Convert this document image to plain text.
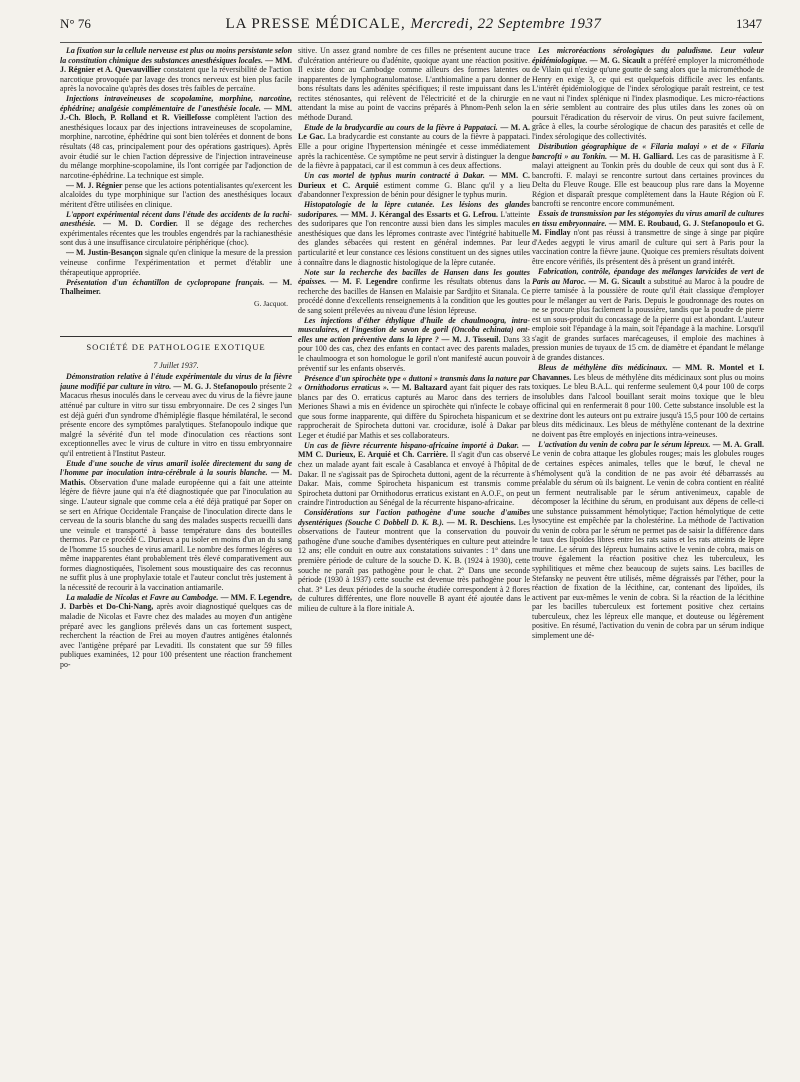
N° 76	LA PRESSE MÉDICALE, Mercredi, 22 Septembre 1937	1347

La fixation sur la cellule nerveuse est plus ou moins persistante selon la constitution chimique des substances anesthésiques locales. — MM. J. Régnier et A. Quevauvillier constatent que la réversibilité de l'action narcotique provoquée par lavage des troncs nerveux est bien plus facile après la novocaïne qu'après des doses très faibles de percaïne.

Injections intraveineuses de scopolamine, morphine, narcotine, éphédrine; analgésie complémentaire de l'anesthésie locale. — MM. J.-Ch. Bloch, P. Rolland et R. Vieillefosse complètent l'action des anesthésiques locaux par des injections intraveineuses de scopolamine, morphine, narcotine, éphédrine qui sont bien tolérées et donnent de bons résultats (48 cas, principalement pour des opérations gastriques). Après avoir étudié sur le chien l'action dépressive de l'injection intraveineuse du mélange morphine-scopolamine, ils l'ont corrigée par l'adjonction de narcotine-éphédrine. La technique est simple.

— M. J. Régnier pense que les actions potentialisantes qu'exercent les alcaloïdes du type morphinique sur l'action des anesthésiques locaux méritent d'être utilisées en clinique.

L'apport expérimental récent dans l'étude des accidents de la rachi-anesthésie. — M. D. Cordier. Il se dégage des recherches expérimentales récentes que les troubles engendrés par la rachianesthésie sont dus à une insuffisance circulatoire périphérique (choc).

— M. Justin-Besançon signale qu'en clinique la mesure de la pression veineuse confirme l'expérimentation et permet d'établir une thérapeutique appropriée.

Présentation d'un échantillon de cyclopropane français. — M. Thalheimer.

G. Jacquot.
SOCIÉTÉ DE PATHOLOGIE EXOTIQUE
7 Juillet 1937.

Démonstration relative à l'étude expérimentale du virus de la fièvre jaune modifié par culture in vitro. — M. G. J. Stefanopoulo présente 2 Macacus rhesus inoculés dans le cerveau avec du virus de la fièvre jaune atténué par culture in vitro sur tissu embryonnaire. De ces 2 singes l'un est déjà guéri d'un syndrome d'hémiplégie flasque hémilatéral, le second présente encore des symptômes paralytiques. Stefanopoulo indique que malgré la sévérité d'un tel mode d'inoculation ces réactions sont exceptionnelles avec le virus de culture in vitro en tissu embryonnaire qu'il entretient à l'Institut Pasteur.

Etude d'une souche de virus amaril isolée directement du sang de l'homme par inoculation intra-cérébrale à la souris blanche. — M. Mathis. Observation d'une malade européenne qui a fait une atteinte légère de fièvre jaune qui n'a été diagnostiquée que par l'inoculation au singe. L'auteur signale que comme cela a été déjà pratiqué par Soper on se sert en Afrique Occidentale Française de l'inoculation directe dans le cerveau de la souris blanche du sang des malades suspects recueilli dans une veinule et transporté à basse température dans des bouteilles thermos. Par ce procédé C. Durieux a pu isoler en moins d'un an du sang de l'homme 15 souches de virus amaril. Le nombre des formes légères ou même inapparentes étant probablement très élevé comparativement aux formes diagnostiquées, l'isolement sous moustiquaire des cas reconnus ne suffit plus à une prophylaxie totale et l'auteur conclut très justement à la nécessité de recourir à la vaccination antiamarile.

La maladie de Nicolas et Favre au Cambodge. — MM. F. Legendre, J. Darbès et Do-Chi-Nang, après avoir diagnostiqué quelques cas de maladie de Nicolas et Favre chez des malades au moyen d'un antigène préparé avec les ganglions prélevés dans un cas fortement suspect, recherchent la réaction de Frei au moyen d'autres antigènes étalonnés avec l'antigène préparé par Levaditi. Ils constatent que sur 59 filles publiques examinées, 12 pour 100 présentent une réaction franchement po-

sitive. Un assez grand nombre de ces filles ne présentent aucune trace d'ulcération antérieure ou d'adénite, quoique ayant une réaction positive. Il existe donc au Cambodge comme ailleurs des formes latentes ou inapparentes de lymphogranulomatose. L'anthiomaline a paru donner de bons résultats dans les adénites spécifiques; il reste impuissant dans les rectites sténosantes, qui relèvent de l'électricité et de la chirurgie en attendant la mise au point de vaccins préparés à Phnom-Penh selon la méthode Durand.

Etude de la bradycardie au cours de la fièvre à Pappataci. — M. A. Le Gac. La bradycardie est constante au cours de la fièvre à pappataci. Elle a pour origine l'hypertension méningée et cesse immédiatement après la rachicentèse. Ce symptôme ne peut servir à distinguer la dengue de la fièvre à pappataci, car il est commun à ces deux affections.

Un cas mortel de typhus murin contracté à Dakar. — MM. C. Durieux et C. Arquié estiment comme G. Blanc qu'il y a lieu d'abandonner l'expression de bénin pour désigner le typhus murin.

Histopatologie de la lèpre cutanée. Les lésions des glandes sudoripares. — MM. J. Kérangal des Essarts et G. Lefrou. L'atteinte des sudoripares que l'on rencontre aussi bien dans les simples macules anesthésiques que dans les lépromes contraste avec l'intégrité habituelle des glandes sébacées qui restent en général indemnes. Par leur particularité et leur constance ces lésions constituent un des signes utiles à connaître dans le diagnostic histologique de la lèpre cutanée.

Note sur la recherche des bacilles de Hansen dans les gouttes épaisses. — M. F. Legendre confirme les résultats obtenus dans la recherche des bacilles de Hansen en Malaisie par Sardjito et Sitanala. Ce procédé donne d'excellents renseignements à la condition que les gouttes de sang soient prélevées au niveau d'une lésion lépreuse.

Les injections d'éther éthylique d'huile de chaulmoogra, intra-musculaires, et l'ingestion de savon de goril (Oncoba echinata) ont-elles une action préventive dans la lèpre ? — M. J. Tisseuil. Dans 33 pour 100 des cas, chez des enfants en contact avec des parents malades, le chaulmoogra et son homologue le goril n'ont manifesté aucun pouvoir préventif sur les enfants observés.

Présence d'un spirochète type « duttoni » transmis dans la nature par « Ornithodorus erraticus ». — M. Baltazard ayant fait piquer des rats blancs par des O. erraticus capturés au Maroc dans des terriers de Meriones Shawi a mis en évidence un spirochète qui n'infecte le cobaye que sous forme inapparente, qui diffère du Spirocheta hispanicum et se rapprocherait de Spirocheta duttoni var. crociduræ, isolé à Dakar par Leger et étudié par Mathis et ses collaborateurs.

Un cas de fièvre récurrente hispano-africaine importé à Dakar. — MM C. Durieux, E. Arquié et Ch. Carrière. Il s'agit d'un cas observé chez un malade ayant fait escale à Casablanca et envoyé à l'hôpital de Dakar. Il ne s'agissait pas de Spirocheta duttoni, agent de la récurrente à Dakar. Mais, comme Spirocheta hispanicum est transmis comme Spirocheta duttoni par Ornithodorus erraticus existant en A.O.F., on peut craindre l'introduction au Sénégal de la récurrente hispano-africaine.

Considérations sur l'action pathogène d'une souche d'amibes dysentériques (Souche C Dobbell D. K. B.). — M. R. Deschiens. Les observations de l'auteur montrent que la conservation du pouvoir pathogène d'une souche d'amibes dysentériques en culture peut atteindre 12 ans; elle conduit en outre aux constatations suivantes : 1° dans une première période de culture de la souche D. K. B. (1924 à 1930), cette souche ne paraît pas pathogène pour le chat. 2° Dans une seconde période (1930 à 1937) cette souche est devenue très pathogène pour le chat. 3° Les deux périodes de la souche étudiée correspondent à 2 flores de cultures différentes, une flore nouvelle B ayant été ajoutée dans le milieu de culture à la flore initiale A.

Les microréactions sérologiques du paludisme. Leur valeur épidémiologique. — M. G. Sicault a préféré employer la microméthode de Vilain qui n'exige qu'une goutte de sang alors que la microméthode de Henry en exige 3, ce qui est quelquefois difficile avec les enfants. L'intérêt épidémiologique de l'index sérologique paraît restreint, ce test ne vaut ni l'index splénique ni l'index plasmodique. Les micro-réactions en série semblent au contraire des plus utiles dans les zones où on poursuit l'éradication du réservoir de virus. On peut suivre facilement, grâce à elles, la courbe sérologique de chacun des parasités et celle de l'index sérologique des collectivités.

Distribution géographique de « Filaria malayi » et de « Filaria bancrofti » au Tonkin. — M. H. Galliard. Les cas de parasitisme à F. malayi atteignent au Tonkin près du double de ceux qui sont dus à F. bancrofti. F. malayi se rencontre surtout dans certaines provinces du Delta du Fleuve Rouge. Elle est beaucoup plus rare dans la Moyenne Région et disparaît presque complètement dans la Haute Région où F. bancrofti se rencontre encore communément.

Essais de transmission par les stégomyies du virus amaril de cultures en tissu embryonnaire. — MM. E. Roubaud, G. J. Stefanopoulo et G. M. Findlay n'ont pas réussi à transmettre de singe à singe par piqûre d'Aedes aegypti le virus amaril de culture qui sert à Paris pour la vaccination contre la fièvre jaune. Quoique ces premiers résultats doivent être encore vérifiés, ils présentent dès à présent un grand intérêt.

Fabrication, contrôle, épandage des mélanges larvicides de vert de Paris au Maroc. — M. G. Sicault a substitué au Maroc à la poudre de pierre tamisée à la poussière de route qu'il était classique d'employer pour le mélanger au vert de Paris. Depuis le goudronnage des routes on ne se procure plus facilement la poussière, tandis que la poudre de pierre est un sous-produit du concassage de la pierre qui est abondant. L'auteur emploie soit l'épandage à la main, soit l'épandage à la machine. Lorsqu'il s'agit de grandes surfaces marécageuses, il emploie des machines à pression munies de tuyaux de 15 cm. de diamètre et épandant le mélange à de grandes distances.

Bleus de méthylène dits médicinaux. — MM. R. Montel et I. Chavannes. Les bleus de méthylène dits médicinaux sont plus ou moins toxiques. Le bleu B.A.L. qui renferme seulement 0,4 pour 100 de corps insolubles dans l'alcool bouillant serait moins toxique que le bleu officinal qui en renfermerait 8 pour 100. Cette substance insoluble est la dextrine dont les auteurs ont pu extraire jusqu'à 15,5 pour 100 de certains bleus dits médicinaux. Les bleus de méthylène contenant de la dextrine ne doivent pas être employés en injections intra-veineuses.

L'activation du venin de cobra par le sérum lépreux. — M. A. Grall. Le venin de cobra attaque les globules rouges; mais les globules rouges de certaines espèces animales, telles que le bœuf, le cheval ne s'hémolysent qu'à la condition de ne pas avoir été débarrassés au préalable du sérum où ils baignent. Le venin de cobra contient en réalité un ferment neutralisable par le sérum antivenimeux, capable de décomposer la lécithine du sérum, en produisant aux dépens de celle-ci une substance puissamment hémolytique; l'action hémolytique de cette lysocytine est empêchée par la cholestérine. La méthode de l'activation du venin de cobra par le sérum ne permet pas de saisir la différence dans le taux des lipoïdes libres entre les rats sains et les rats atteints de lèpre murine. Le sérum des lépreux humains active le venin de cobra, mais on trouve également la réaction positive chez les tuberculeux, les syphilitiques et même chez beaucoup de sujets sains. Les bacilles de Stefansky ne peuvent être utilisés, même dégraissés par l'éther, pour la réaction de fixation de la lécithine, car, contenant des lipoïdes, ils activent par eux-mêmes le venin de cobra. Si la réaction de la lécithine par les bacilles tuberculeux est fortement positive chez certains tuberculeux, chez les lépreux elle manque, et douteuse ou légèrement positive. En résumé, l'activation du venin de cobra par un sérum indique simplement une dé-
